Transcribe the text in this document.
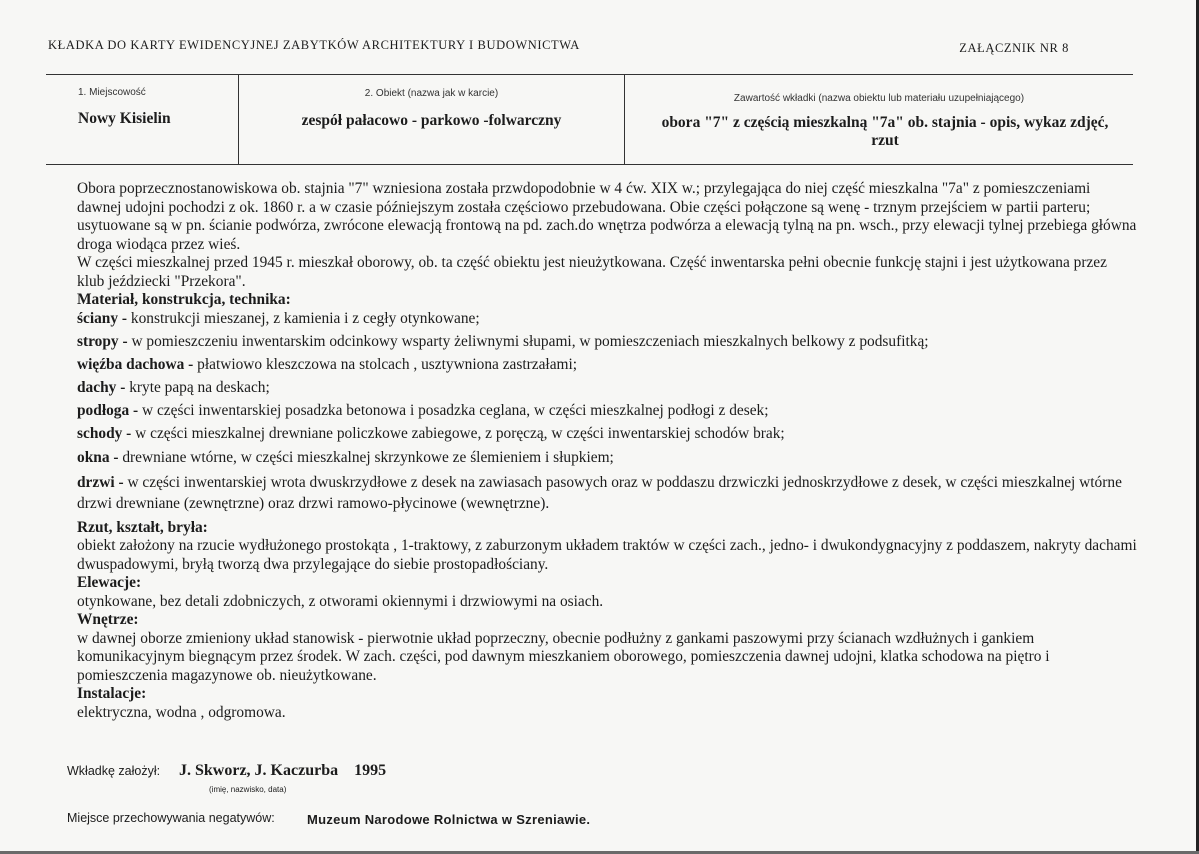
KŁADKA DO KARTY EWIDENCYJNEJ ZABYTKÓW ARCHITEKTURY I BUDOWNICTWA	ZAŁĄCZNIK NR 8
1. Miejscowość
Nowy Kisielin
2. Obiekt (nazwa jak w karcie)
zespół pałacowo - parkowo -folwarczny
Zawartość wkładki (nazwa obiektu lub materiału uzupełniającego)
obora "7" z częścią mieszkalną "7a" ob. stajnia - opis, wykaz zdjęć, rzut

Obora poprzecznostanowiskowa ob. stajnia "7" wzniesiona została przwdopodobnie w 4 ćw. XIX w.; przylegająca do niej część mieszkalna "7a" z pomieszczeniami dawnej udojni pochodzi z ok. 1860 r. a w czasie późniejszym została częściowo przebudowana. Obie części połączone są wenę - trznym przejściem w partii parteru; usytuowane są w pn. ścianie podwórza, zwrócone elewacją frontową na pd. zach.do wnętrza podwórza a elewacją tylną na pn. wsch., przy elewacji tylnej przebiega główna droga wiodąca przez wieś.

W części mieszkalnej przed 1945 r. mieszkał oborowy, ob. ta część obiektu jest nieużytkowana. Część inwentarska pełni obecnie funkcję stajni i jest użytkowana przez klub jeździecki "Przekora".

Materiał, konstrukcja, technika:

ściany - konstrukcji mieszanej, z kamienia i z cegły otynkowane;

stropy - w pomieszczeniu inwentarskim odcinkowy wsparty żeliwnymi słupami, w pomieszczeniach mieszkalnych belkowy z podsufitką;

więźba dachowa - płatwiowo kleszczowa na stolcach , usztywniona zastrzałami;

dachy - kryte papą na deskach;

podłoga - w części inwentarskiej posadzka betonowa i posadzka ceglana, w części mieszkalnej podłogi z desek;

schody - w części mieszkalnej drewniane policzkowe zabiegowe, z poręczą, w części inwentarskiej schodów brak;

okna - drewniane wtórne, w części mieszkalnej skrzynkowe ze ślemieniem i słupkiem;

drzwi - w części inwentarskiej wrota dwuskrzydłowe z desek na zawiasach pasowych oraz w poddaszu drzwiczki jednoskrzydłowe z desek, w części mieszkalnej wtórne drzwi drewniane (zewnętrzne) oraz drzwi ramowo-płycinowe (wewnętrzne).

Rzut, kształt, bryła:

obiekt założony na rzucie wydłużonego prostokąta , 1-traktowy, z zaburzonym układem traktów w części zach., jedno- i dwukondygnacyjny z poddaszem, nakryty dachami dwuspadowymi, bryłą tworzą dwa przylegające do siebie prostopadłościany.

Elewacje:

otynkowane, bez detali zdobniczych, z otworami okiennymi i drzwiowymi na osiach.

Wnętrze:

w dawnej oborze zmieniony układ stanowisk - pierwotnie układ poprzeczny, obecnie podłużny z gankami paszowymi przy ścianach wzdłużnych i gankiem komunikacyjnym biegnącym przez środek. W zach. części, pod dawnym mieszkaniem oborowego, pomieszczenia dawnej udojni, klatka schodowa na piętro i pomieszczenia magazynowe ob. nieużytkowane.

Instalacje:

elektryczna, wodna , odgromowa.

Wkładkę założył: J. Skworz, J. Kaczurba    1995
(imię, nazwisko, data)
Miejsce przechowywania negatywów: Muzeum Narodowe Rolnictwa w Szreniawie.
